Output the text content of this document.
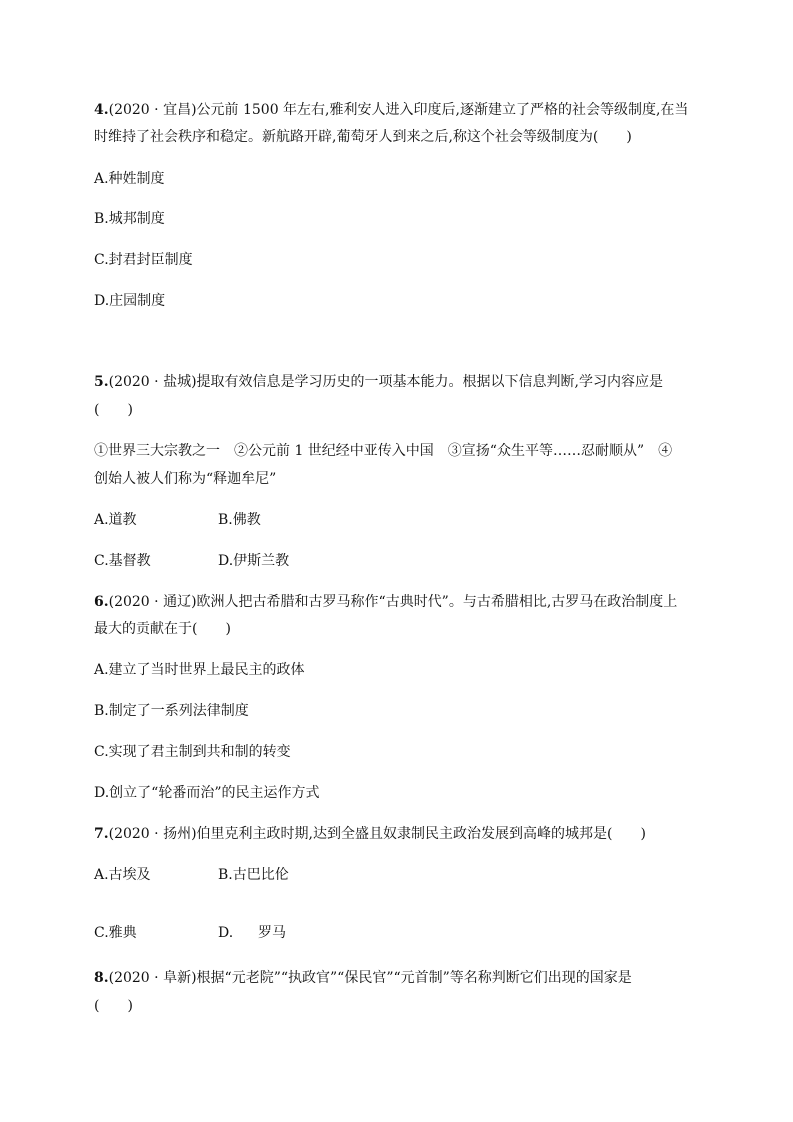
4.(2020 · 宜昌)公元前 1500 年左右,雅利安人进入印度后,逐渐建立了严格的社会等级制度,在当
时维持了社会秩序和稳定。新航路开辟,葡萄牙人到来之后,称这个社会等级制度为(　　)
A.种姓制度
B.城邦制度
C.封君封臣制度
D.庄园制度
5.(2020 · 盐城)提取有效信息是学习历史的一项基本能力。根据以下信息判断,学习内容应是
(　　)
①世界三大宗教之一　②公元前 1 世纪经中亚传入中国　③宣扬“众生平等……忍耐顺从”　④
创始人被人们称为“释迦牟尼”
A.道教	B.佛教
C.基督教	D.伊斯兰教
6.(2020 · 通辽)欧洲人把古希腊和古罗马称作“古典时代”。与古希腊相比,古罗马在政治制度上
最大的贡献在于(　　)
A.建立了当时世界上最民主的政体
B.制定了一系列法律制度
C.实现了君主制到共和制的转变
D.创立了“轮番而治”的民主运作方式
7.(2020 · 扬州)伯里克利主政时期,达到全盛且奴隶制民主政治发展到高峰的城邦是(　　)
A.古埃及	B.古巴比伦
C.雅典	D. 罗马
8.(2020 · 阜新)根据“元老院”“执政官”“保民官”“元首制”等名称判断它们出现的国家是
(　　)
